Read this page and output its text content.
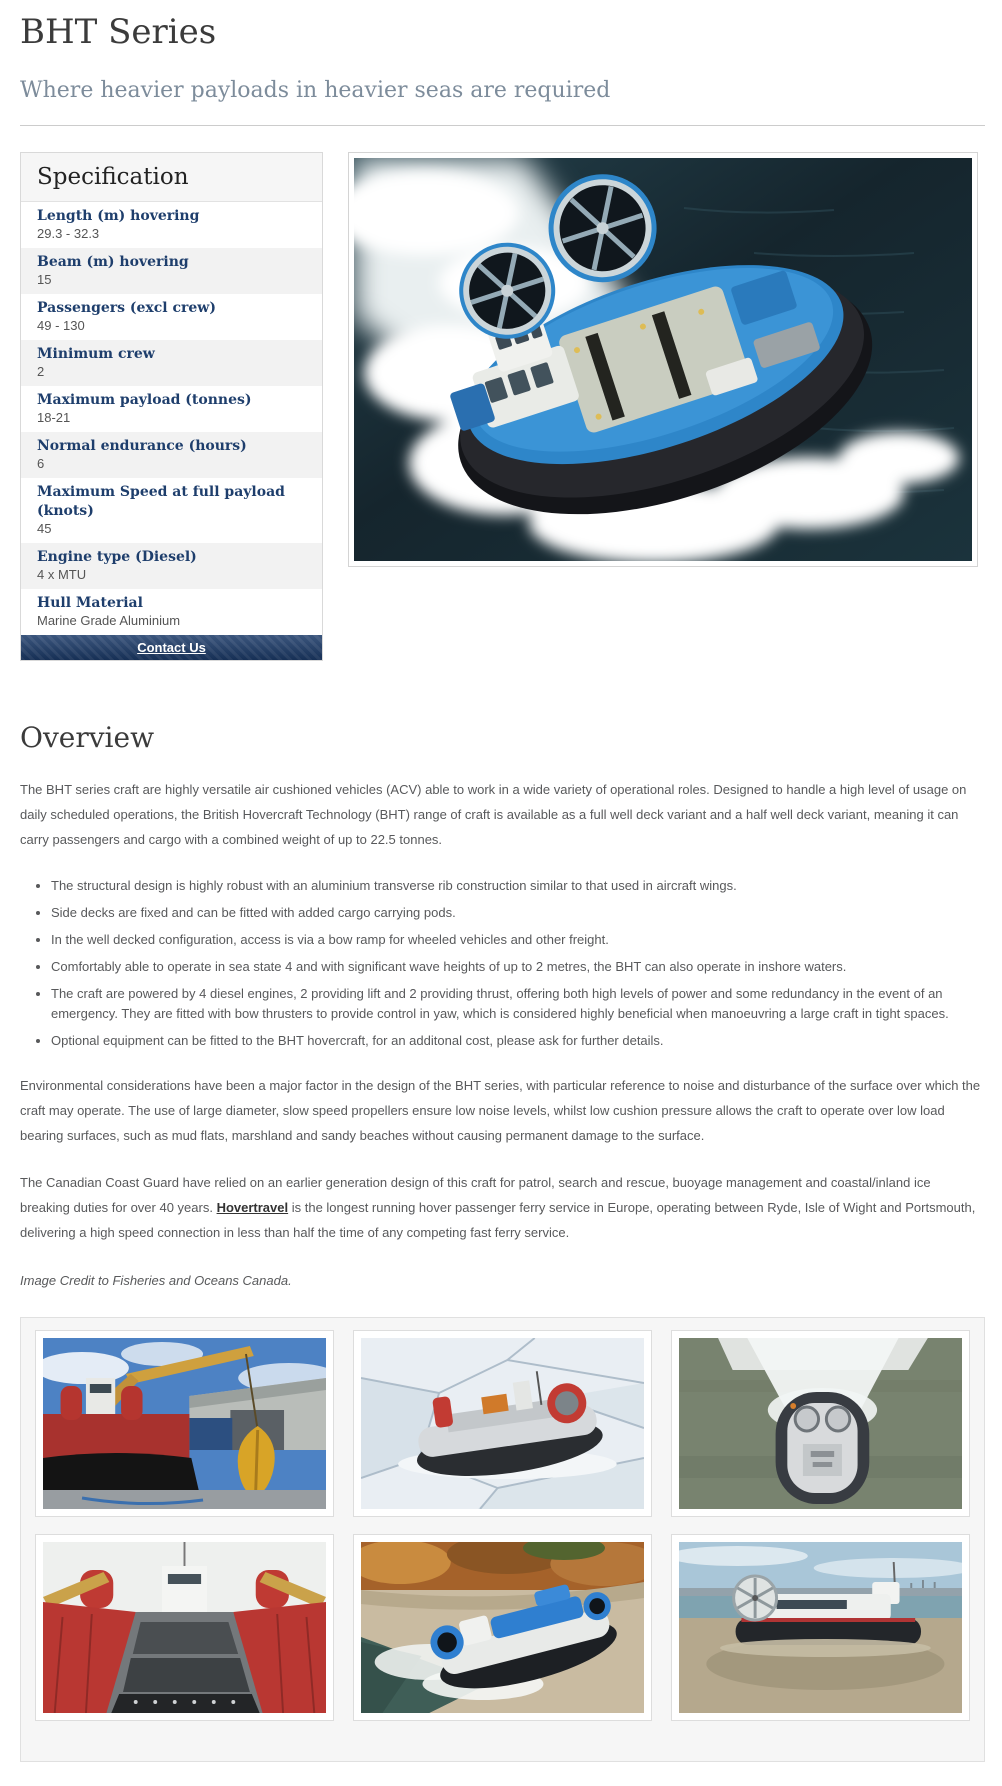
BHT Series
Where heavier payloads in heavier seas are required
Specification
Length (m) hovering
29.3 - 32.3
Beam (m) hovering
15
Passengers (excl crew)
49 - 130
Minimum crew
2
Maximum payload (tonnes)
18-21
Normal endurance (hours)
6
Maximum Speed at full payload (knots)
45
Engine type (Diesel)
4 x MTU
Hull Material
Marine Grade Aluminium
Contact Us
Overview

The BHT series craft are highly versatile air cushioned vehicles (ACV) able to work in a wide variety of operational roles. Designed to handle a high level of usage on daily scheduled operations, the British Hovercraft Technology (BHT) range of craft is available as a full well deck variant and a half well deck variant, meaning it can carry passengers and cargo with a combined weight of up to 22.5 tonnes.

• The structural design is highly robust with an aluminium transverse rib construction similar to that used in aircraft wings.
• Side decks are fixed and can be fitted with added cargo carrying pods.
• In the well decked configuration, access is via a bow ramp for wheeled vehicles and other freight.
• Comfortably able to operate in sea state 4 and with significant wave heights of up to 2 metres, the BHT can also operate in inshore waters.
• The craft are powered by 4 diesel engines, 2 providing lift and 2 providing thrust, offering both high levels of power and some redundancy in the event of an emergency. They are fitted with bow thrusters to provide control in yaw, which is considered highly beneficial when manoeuvring a large craft in tight spaces.
• Optional equipment can be fitted to the BHT hovercraft, for an additonal cost, please ask for further details.

Environmental considerations have been a major factor in the design of the BHT series, with particular reference to noise and disturbance of the surface over which the craft may operate. The use of large diameter, slow speed propellers ensure low noise levels, whilst low cushion pressure allows the craft to operate over low load bearing surfaces, such as mud flats, marshland and sandy beaches without causing permanent damage to the surface.

The Canadian Coast Guard have relied on an earlier generation design of this craft for patrol, search and rescue, buoyage management and coastal/inland ice breaking duties for over 40 years. Hovertravel is the longest running hover passenger ferry service in Europe, operating between Ryde, Isle of Wight and Portsmouth, delivering a high speed connection in less than half the time of any competing fast ferry service.

Image Credit to Fisheries and Oceans Canada.
